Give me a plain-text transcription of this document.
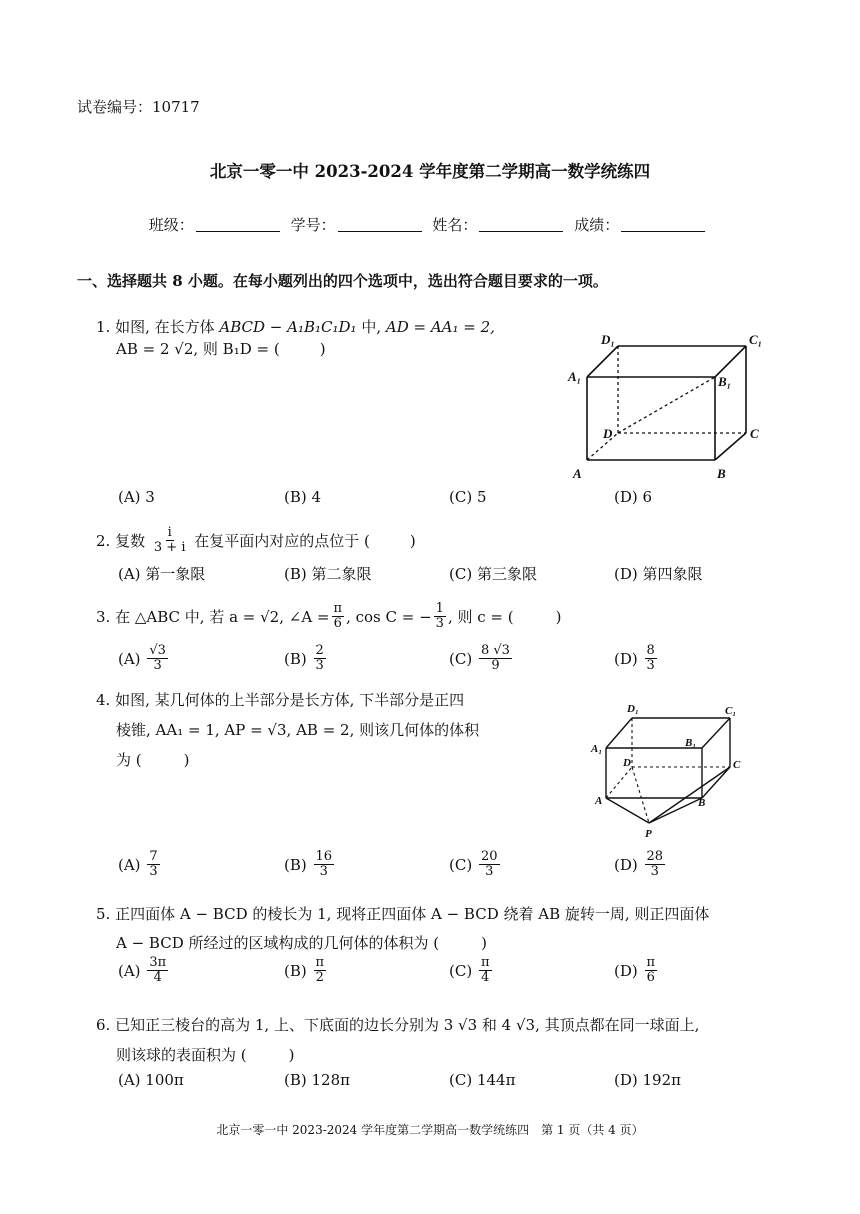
试卷编号：10717
北京一零一中 2023-2024 学年度第二学期高一数学统练四
班级：	学号：	姓名：	成绩：
一、选择题共 8 小题。在每小题列出的四个选项中，选出符合题目要求的一项。
1. 如图, 在长方体 ABCD − A₁B₁C₁D₁ 中, AD = AA₁ = 2,
AB = 2 √2, 则 B₁D = (	)
D₁	C₁
A₁	B₁
D	C
A	B
(A) 3	(B) 4	(C) 5	(D) 6
2.
复数
$\frac{i}{3 + i}$
在复平面内对应的点位于 (	)
(A) 第一象限	(B) 第二象限	(C) 第三象限	(D) 第四象限
3.
在 △ABC 中, 若 a = √2, ∠A = $\frac{\pi}{6}$ , cos C = − $\frac{1}{3}$ , 则 c = (	)
(A)
$\frac{√3}{3}$	(B)
$\frac{2}{3}$	(C)
$\frac{8 √3}{9}$	(D)
$\frac{8}{3}$
4. 如图, 某几何体的上半部分是长方体, 下半部分是正四
棱锥, AA₁ = 1, AP = √3, AB = 2, 则该几何体的体积
为 (	)
D₁	C₁
A₁	B₁
D	C
A	B
P
(A)
$\frac{7}{3}$	(B)
$\frac{16}{3}$	(C)
$\frac{20}{3}$	(D)
$\frac{28}{3}$
5. 正四面体 A − BCD 的棱长为 1, 现将正四面体 A − BCD 绕着 AB 旋转一周, 则正四面体
A − BCD 所经过的区域构成的几何体的体积为 (	)
(A)
$\frac{3\pi}{4}$	(B)
$\frac{\pi}{2}$	(C)
$\frac{\pi}{4}$	(D)
$\frac{\pi}{6}$
6. 已知正三棱台的高为 1, 上、下底面的边长分别为 3 √3 和 4 √3, 其顶点都在同一球面上,
则该球的表面积为 (	)
(A) 100π	(B) 128π	(C) 144π	(D) 192π
北京一零一中 2023-2024 学年度第二学期高一数学统练四　第 1 页（共 4 页）
